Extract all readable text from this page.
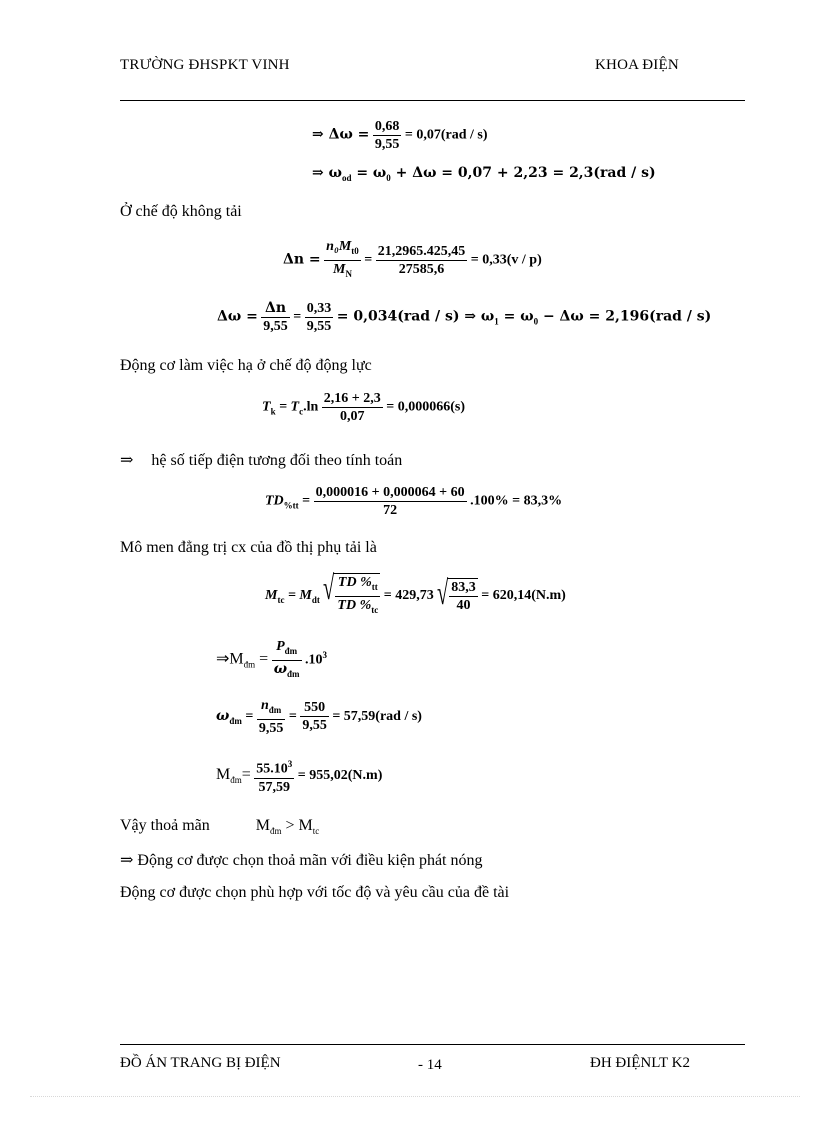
TRƯỜNG ĐHSPKT VINH	KHOA ĐIỆN
⇒ $\Delta\omega = \frac{0,68}{9,55} = 0,07(rad / s)$
⇒ $\omega_{od} = \omega_0 + \Delta\omega = 0,07 + 2,23 = 2,3(rad / s)$
Ở chế độ không tải
$\Delta n = \frac{n_0M_{t0}}{M_N} = \frac{21,2965.425,45}{27585,6} = 0,33(v / p)$
$\Delta\omega = \frac{\Delta n}{9,55} = \frac{0,33}{9,55} = 0,034(rad / s)$ ⇒ $\omega_1 = \omega_0 - \Delta\omega = 2,196(rad / s)$
Động cơ làm việc hạ ở chế độ động lực
$T_k = T_c.\ln \frac{2,16 + 2,3}{0,07} = 0,000066(s)$
⇒ hệ số tiếp điện tương đối theo tính toán
$TD_{\%tt} = \frac{0,000016 + 0,000064 + 60}{72} .100\% = 83,3\%$
Mô men đẳng trị cx của đồ thị phụ tải là
$M_{tc} = M_{dt}$ √ $\frac{TD \%_{tt}}{TD \%_{tc}} = 429,73$ √ $\frac{83,3}{40} = 620,14(N.m)$
$\Rightarrow M_{đm} = \frac{P_{đm}}{\omega_{đm}} .10^3$
$\omega_{đm} = \frac{n_{đm}}{9,55} = \frac{550}{9,55} = 57,59(rad / s)$
$M_{đm}= \frac{55.10^3}{57,59} = 955,02(N.m)$
Vậy thoả mãn	$M_{đm} > M_{tc}$
⇒ Động cơ được chọn thoả mãn với điều kiện phát nóng
Động cơ được chọn phù hợp với tốc độ và yêu cầu của đề tài
ĐỒ ÁN TRANG BỊ ĐIỆN	- 14	ĐH ĐIỆNLT K2
